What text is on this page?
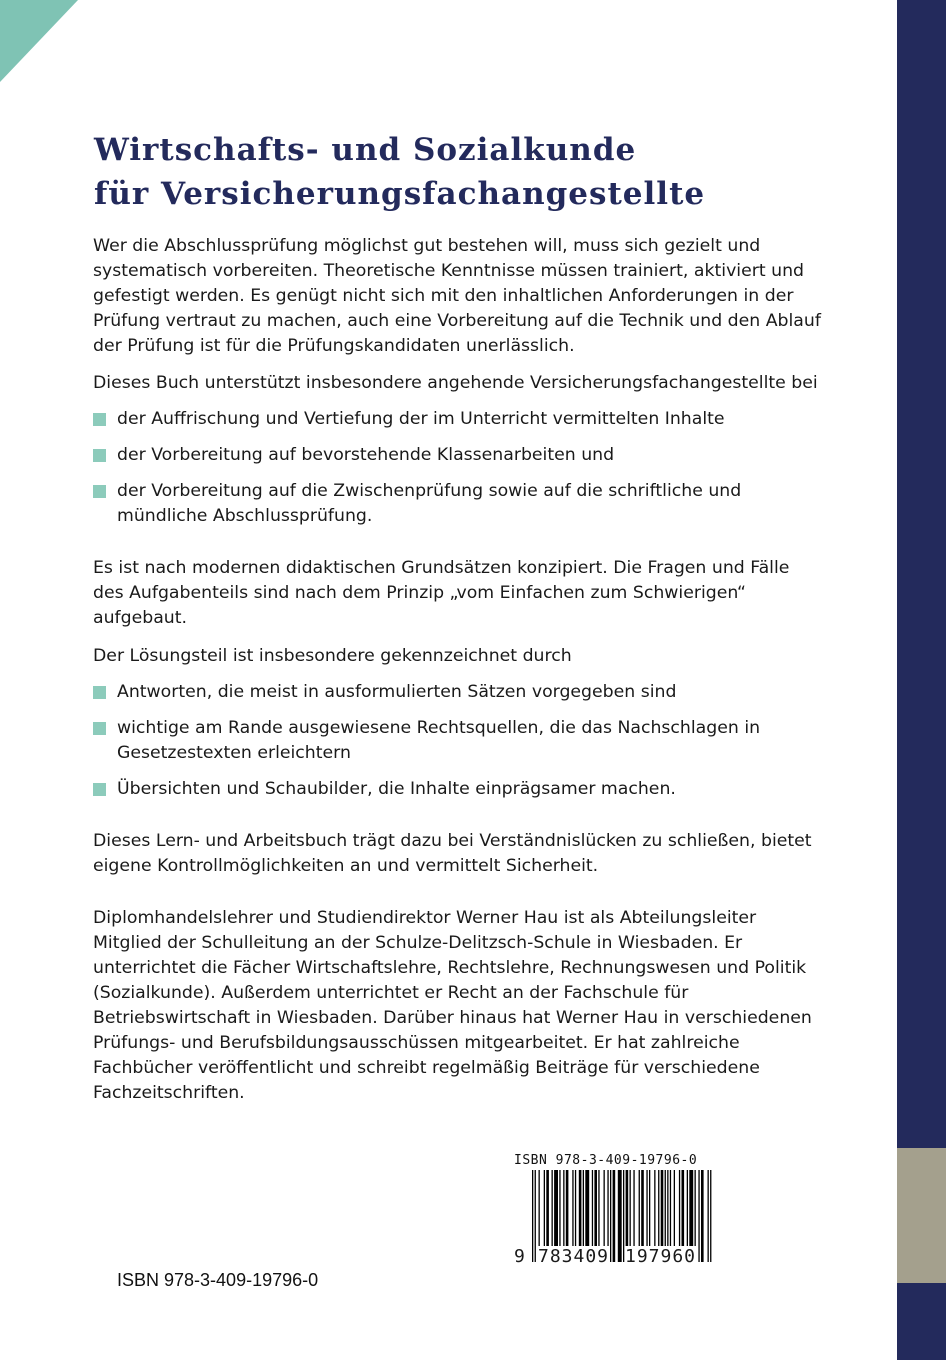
Wirtschafts- und Sozialkunde
für Versicherungsfachangestellte

Wer die Abschlussprüfung möglichst gut bestehen will, muss sich gezielt und systematisch vorbereiten. Theoretische Kenntnisse müssen trainiert, aktiviert und gefestigt werden. Es genügt nicht sich mit den inhaltlichen Anforderungen in der Prüfung vertraut zu machen, auch eine Vorbereitung auf die Technik und den Ablauf der Prüfung ist für die Prüfungskandidaten unerlässlich.

Dieses Buch unterstützt insbesondere angehende Versicherungsfachangestellte bei

der Auffrischung und Vertiefung der im Unterricht vermittelten Inhalte
der Vorbereitung auf bevorstehende Klassenarbeiten und
der Vorbereitung auf die Zwischenprüfung sowie auf die schriftliche und mündliche Abschlussprüfung.

Es ist nach modernen didaktischen Grundsätzen konzipiert. Die Fragen und Fälle des Aufgabenteils sind nach dem Prinzip „vom Einfachen zum Schwierigen“ aufgebaut.

Der Lösungsteil ist insbesondere gekennzeichnet durch

Antworten, die meist in ausformulierten Sätzen vorgegeben sind
wichtige am Rande ausgewiesene Rechtsquellen, die das Nachschlagen in Gesetzestexten erleichtern
Übersichten und Schaubilder, die Inhalte einprägsamer machen.

Dieses Lern- und Arbeitsbuch trägt dazu bei Verständnislücken zu schließen, bietet eigene Kontrollmöglichkeiten an und vermittelt Sicherheit.

Diplomhandelslehrer und Studiendirektor Werner Hau ist als Abteilungsleiter Mitglied der Schulleitung an der Schulze-Delitzsch-Schule in Wiesbaden. Er unterrichtet die Fächer Wirtschaftslehre, Rechtslehre, Rechnungswesen und Politik (Sozialkunde). Außerdem unterrichtet er Recht an der Fachschule für Betriebswirtschaft in Wiesbaden. Darüber hinaus hat Werner Hau in verschiedenen Prüfungs- und Berufsbildungsausschüssen mitgearbeitet. Er hat zahlreiche Fachbücher veröffentlicht und schreibt regelmäßig Beiträge für verschiedene Fachzeitschriften.

ISBN 978-3-409-19796-0
9 783409 197960
ISBN 978-3-409-19796-0
